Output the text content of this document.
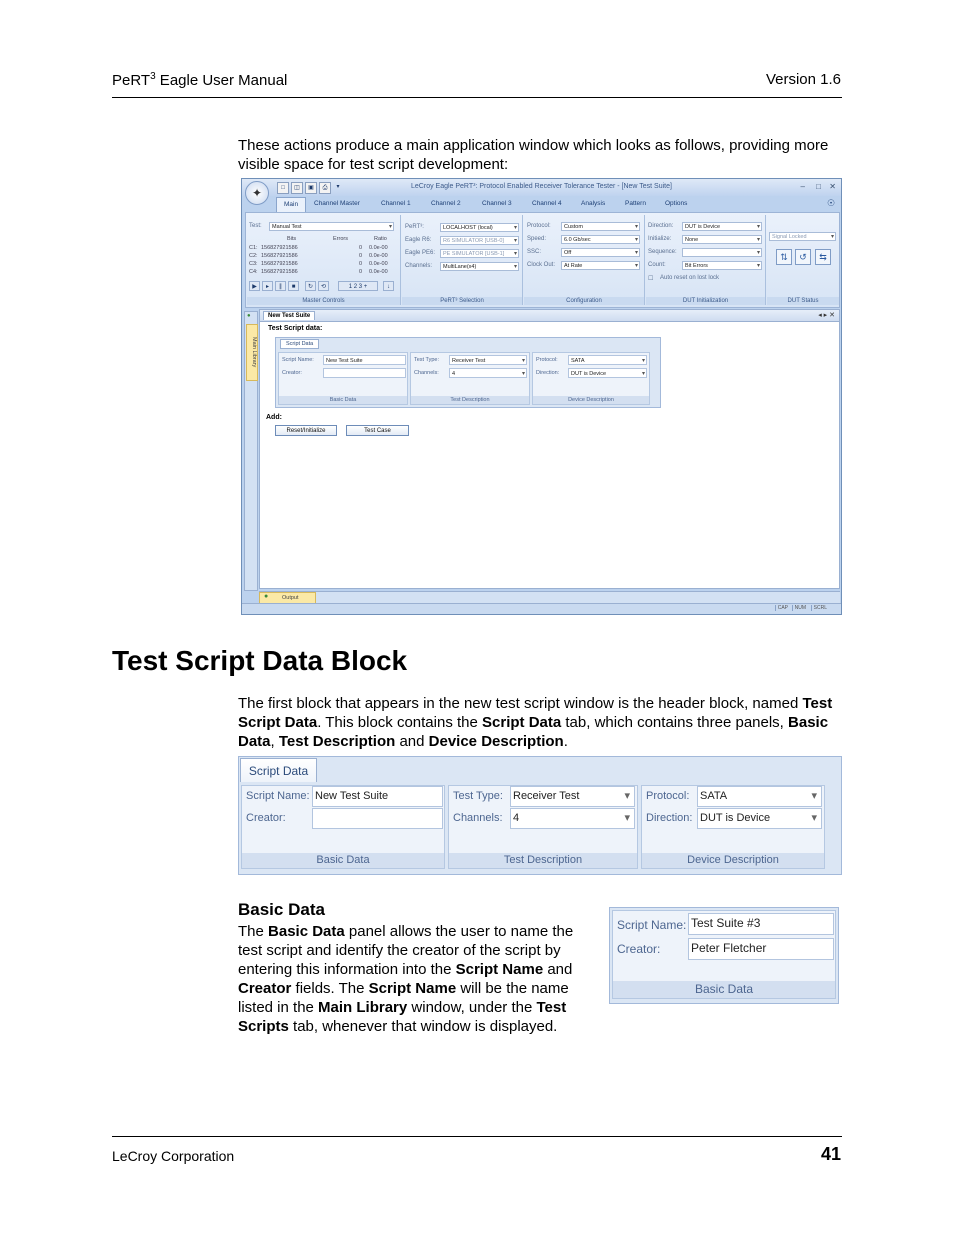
PeRT$^3$ Eagle User Manual	Version 1.6
These actions produce a main application window which looks as follows, providing more visible space for test script development:
✦	□	◫	▣	⎙	▾	LeCroy Eagle PeRT³: Protocol Enabled Receiver Tolerance Tester - [New Test Suite]	– □ ✕
Main	Channel Master	Channel 1	Channel 2	Channel 3	Channel 4	Analysis	Pattern	Options	☉
Test:	Manual Test ▾
Bits	Errors	Ratio
C1: 156827921586	0 0.0e-00
C2: 156827921586	0 0.0e-00
C3: 156827921586	0 0.0e-00
C4: 156827921586	0 0.0e-00
▶	▸	∥	■	↻	⟲	1 2 3 +	↓
Master Controls
PeRT³:	LOCALHOST (local) ▾
Eagle R6:	R6 SIMULATOR [USB-0] ▾
Eagle PE6:	PE SIMULATOR [USB-1] ▾
Channels:	MultiLane(x4) ▾
PeRT³ Selection
Protocol:	Custom ▾
Speed:	6.0 Gb/sec ▾
SSC:	Off ▾
Clock Out:	At Rate ▾
Configuration
Direction:	DUT is Device ▾
Initialize:	None ▾
Sequence:
▾
Count:	Bit Errors ▾
☐ Auto reset on lost lock
DUT Initialization
Signal Locked ▾
⇅	↺	⇆
DUT Status
●
Main Library
New Test Suite	◂ ▸ ✕
Test Script data:
Script Data
Script Name:	New Test Suite
Creator:
Basic Data
Test Type:	Receiver Test ▾
Channels:	4 ▾
Test Description
Protocol:	SATA ▾
Direction:	DUT is Device ▾
Device Description
Add:
Reset/Initialize	Test Case
●	Output
CAP	NUM	SCRL
Test Script Data Block
The first block that appears in the new test script window is the header block, named Test Script Data. This block contains the Script Data tab, which contains three panels, Basic Data, Test Description and Device Description.
Script Data
Script Name: New Test Suite
Creator:
Basic Data
Test Type: Receiver Test ▾
Channels: 4 ▾
Test Description
Protocol: SATA ▾
Direction: DUT is Device ▾
Device Description
Basic Data
The Basic Data panel allows the user to name the test script and identify the creator of the script by entering this information into the Script Name and Creator fields. The Script Name will be the name listed in the Main Library window, under the Test Scripts tab, whenever that window is displayed.
Script Name: Test Suite #3
Creator:	Peter Fletcher
Basic Data
LeCroy Corporation	41
